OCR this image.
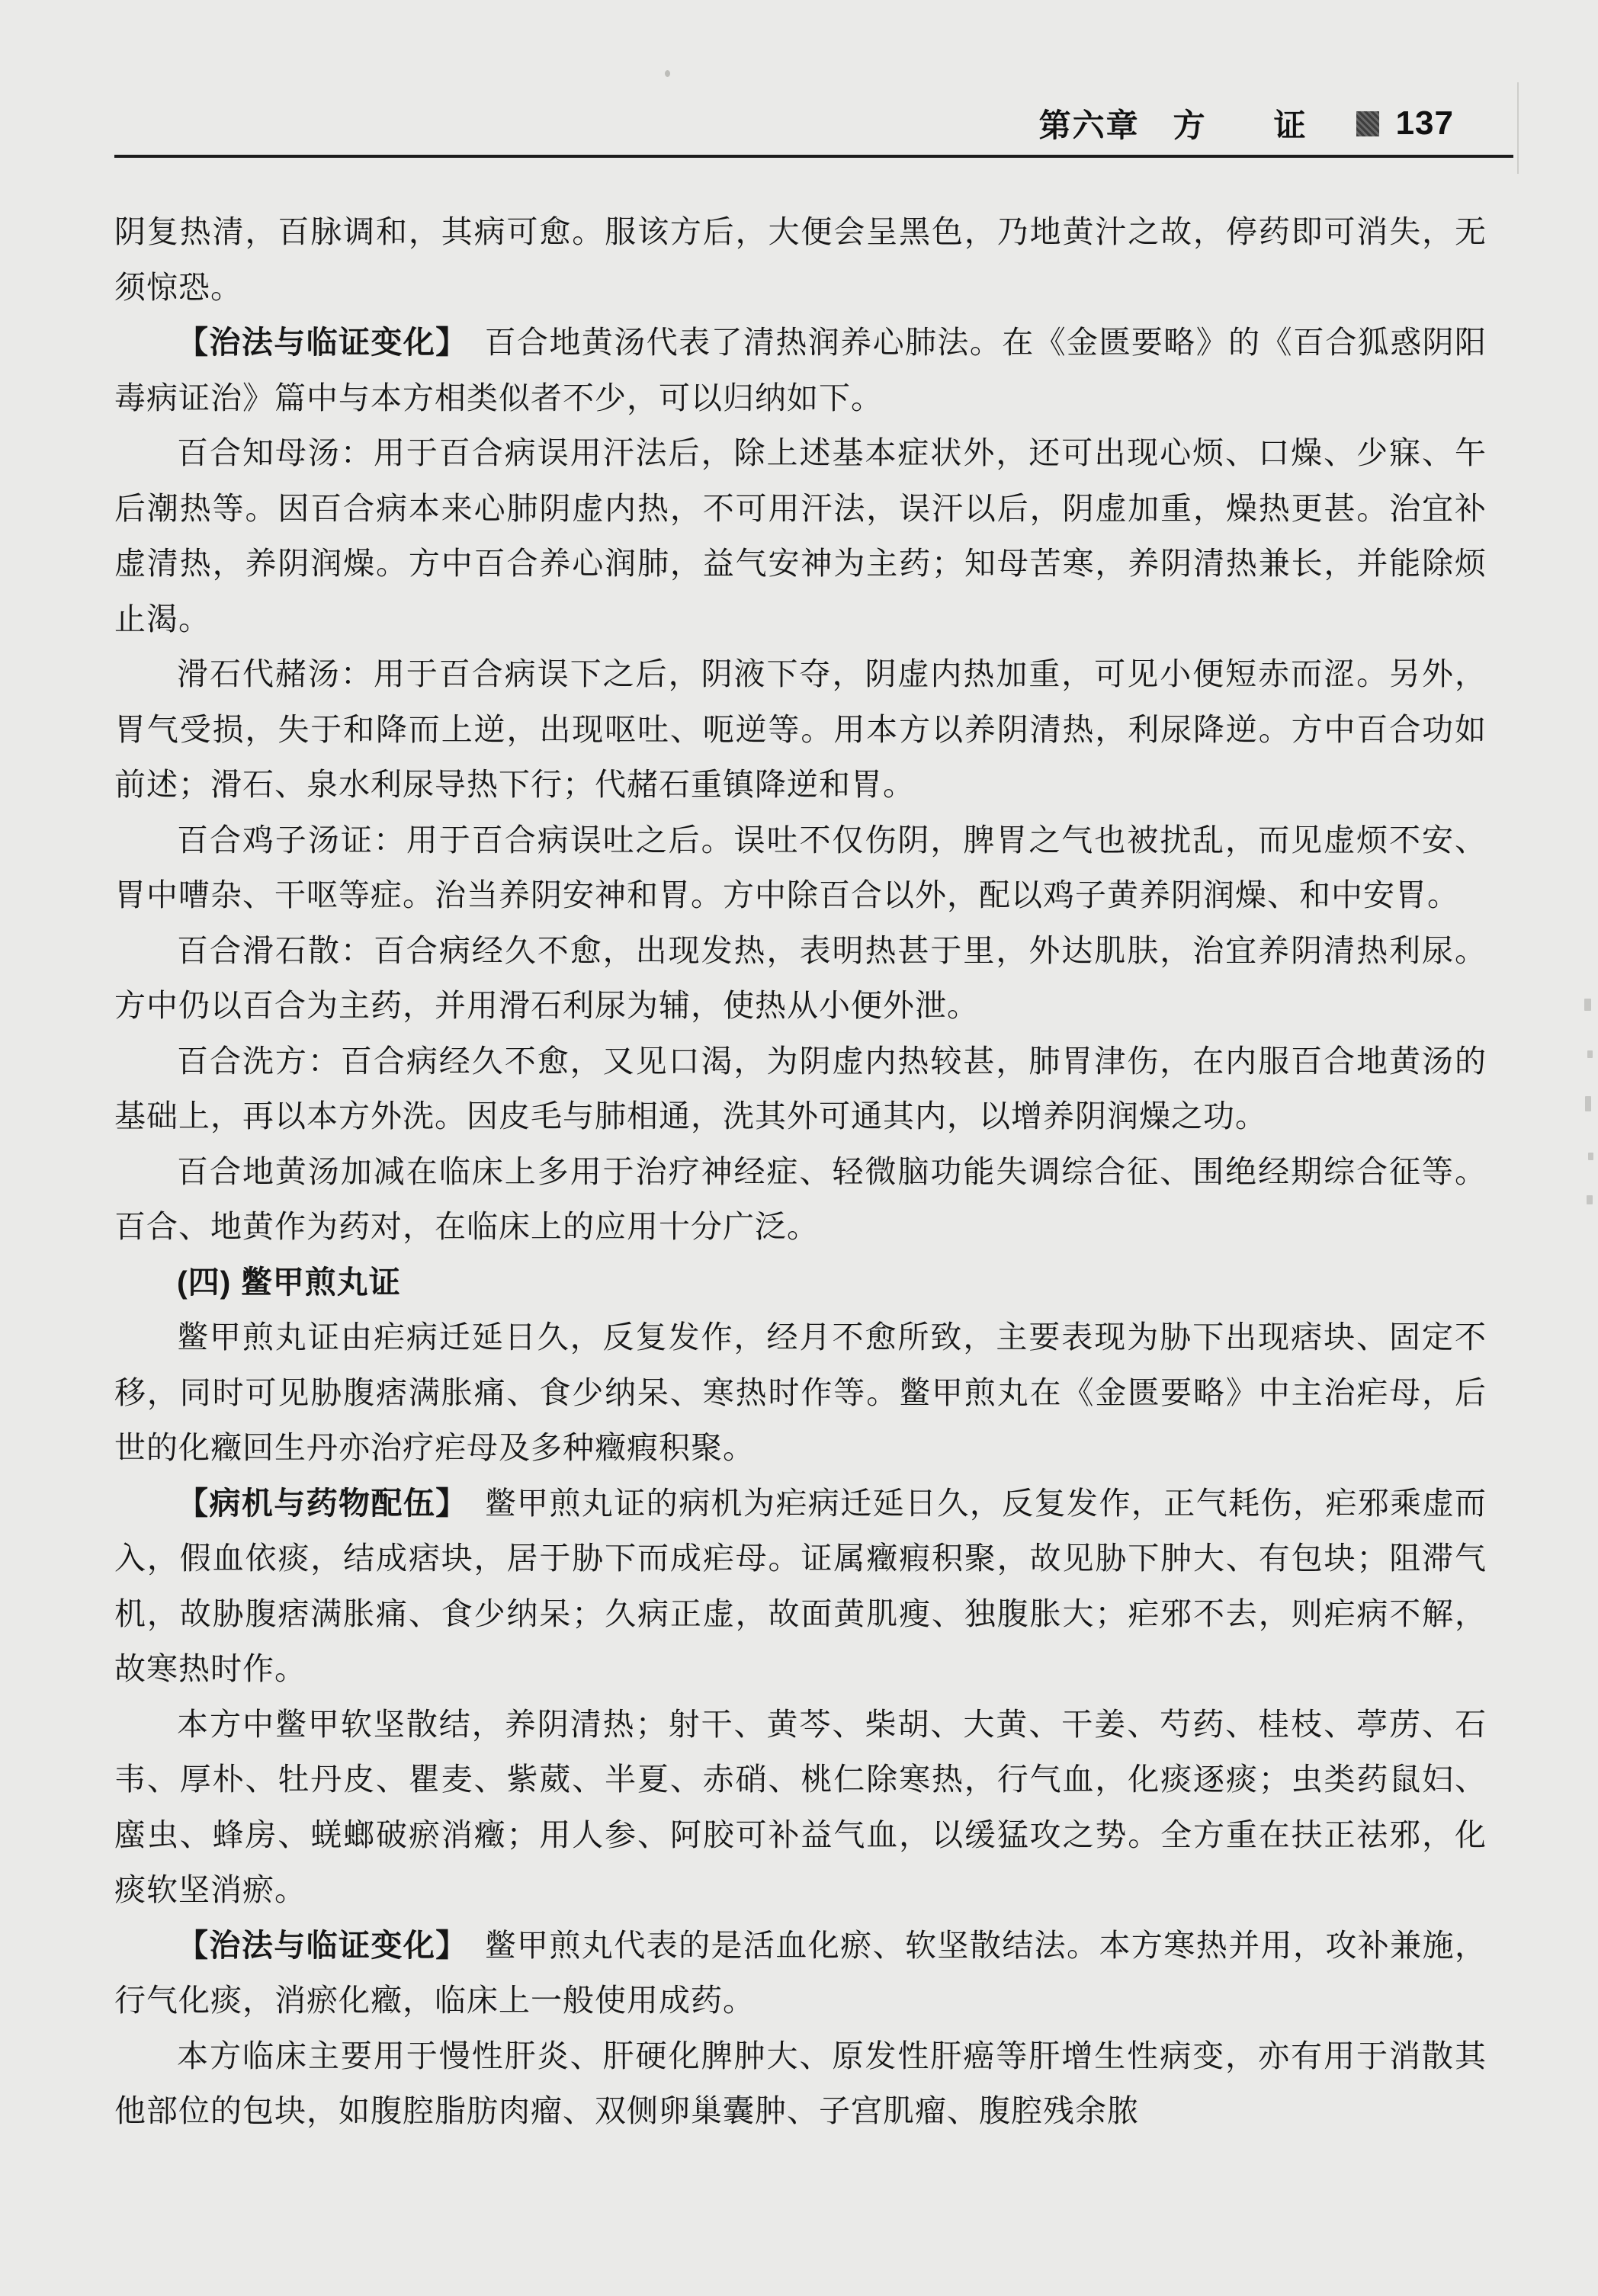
第六章　方　　证	137

阴复热清，百脉调和，其病可愈。服该方后，大便会呈黑色，乃地黄汁之故，停药即可消失，无须惊恐。

【治法与临证变化】　百合地黄汤代表了清热润养心肺法。在《金匮要略》的《百合狐惑阴阳毒病证治》篇中与本方相类似者不少，可以归纳如下。

百合知母汤：用于百合病误用汗法后，除上述基本症状外，还可出现心烦、口燥、少寐、午后潮热等。因百合病本来心肺阴虚内热，不可用汗法，误汗以后，阴虚加重，燥热更甚。治宜补虚清热，养阴润燥。方中百合养心润肺，益气安神为主药；知母苦寒，养阴清热兼长，并能除烦止渴。

滑石代赭汤：用于百合病误下之后，阴液下夺，阴虚内热加重，可见小便短赤而涩。另外，胃气受损，失于和降而上逆，出现呕吐、呃逆等。用本方以养阴清热，利尿降逆。方中百合功如前述；滑石、泉水利尿导热下行；代赭石重镇降逆和胃。

百合鸡子汤证：用于百合病误吐之后。误吐不仅伤阴，脾胃之气也被扰乱，而见虚烦不安、胃中嘈杂、干呕等症。治当养阴安神和胃。方中除百合以外，配以鸡子黄养阴润燥、和中安胃。

百合滑石散：百合病经久不愈，出现发热，表明热甚于里，外达肌肤，治宜养阴清热利尿。方中仍以百合为主药，并用滑石利尿为辅，使热从小便外泄。

百合洗方：百合病经久不愈，又见口渴，为阴虚内热较甚，肺胃津伤，在内服百合地黄汤的基础上，再以本方外洗。因皮毛与肺相通，洗其外可通其内，以增养阴润燥之功。

百合地黄汤加减在临床上多用于治疗神经症、轻微脑功能失调综合征、围绝经期综合征等。百合、地黄作为药对，在临床上的应用十分广泛。

(四) 鳖甲煎丸证

鳖甲煎丸证由疟病迁延日久，反复发作，经月不愈所致，主要表现为胁下出现痞块、固定不移，同时可见胁腹痞满胀痛、食少纳呆、寒热时作等。鳖甲煎丸在《金匮要略》中主治疟母，后世的化癥回生丹亦治疗疟母及多种癥瘕积聚。

【病机与药物配伍】　鳖甲煎丸证的病机为疟病迁延日久，反复发作，正气耗伤，疟邪乘虚而入，假血依痰，结成痞块，居于胁下而成疟母。证属癥瘕积聚，故见胁下肿大、有包块；阻滞气机，故胁腹痞满胀痛、食少纳呆；久病正虚，故面黄肌瘦、独腹胀大；疟邪不去，则疟病不解，故寒热时作。

本方中鳖甲软坚散结，养阴清热；射干、黄芩、柴胡、大黄、干姜、芍药、桂枝、葶苈、石韦、厚朴、牡丹皮、瞿麦、紫葳、半夏、赤硝、桃仁除寒热，行气血，化痰逐痰；虫类药鼠妇、䗪虫、蜂房、蜣螂破瘀消癥；用人参、阿胶可补益气血，以缓猛攻之势。全方重在扶正祛邪，化痰软坚消瘀。

【治法与临证变化】　鳖甲煎丸代表的是活血化瘀、软坚散结法。本方寒热并用，攻补兼施，行气化痰，消瘀化癥，临床上一般使用成药。

本方临床主要用于慢性肝炎、肝硬化脾肿大、原发性肝癌等肝增生性病变，亦有用于消散其他部位的包块，如腹腔脂肪肉瘤、双侧卵巢囊肿、子宫肌瘤、腹腔残余脓
